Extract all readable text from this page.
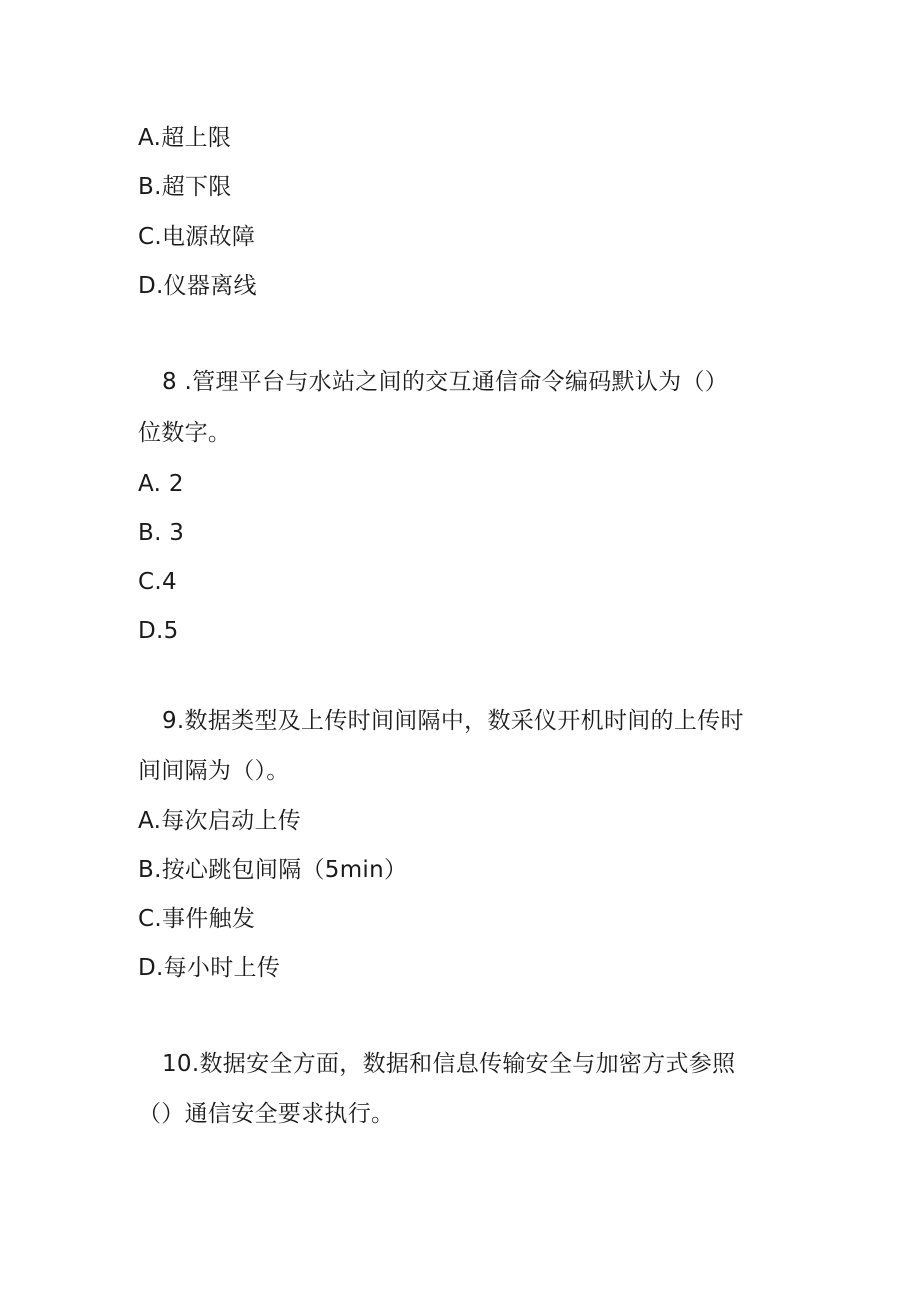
A.超上限
B.超下限
C.电源故障
D.仪器离线
8 .管理平台与水站之间的交互通信命令编码默认为（）
位数字。
A. 2
B. 3
C.4
D.5
9.数据类型及上传时间间隔中，数采仪开机时间的上传时
间间隔为（）。
A.每次启动上传
B.按心跳包间隔（5min）
C.事件触发
D.每小时上传
10.数据安全方面，数据和信息传输安全与加密方式参照
（）通信安全要求执行。
